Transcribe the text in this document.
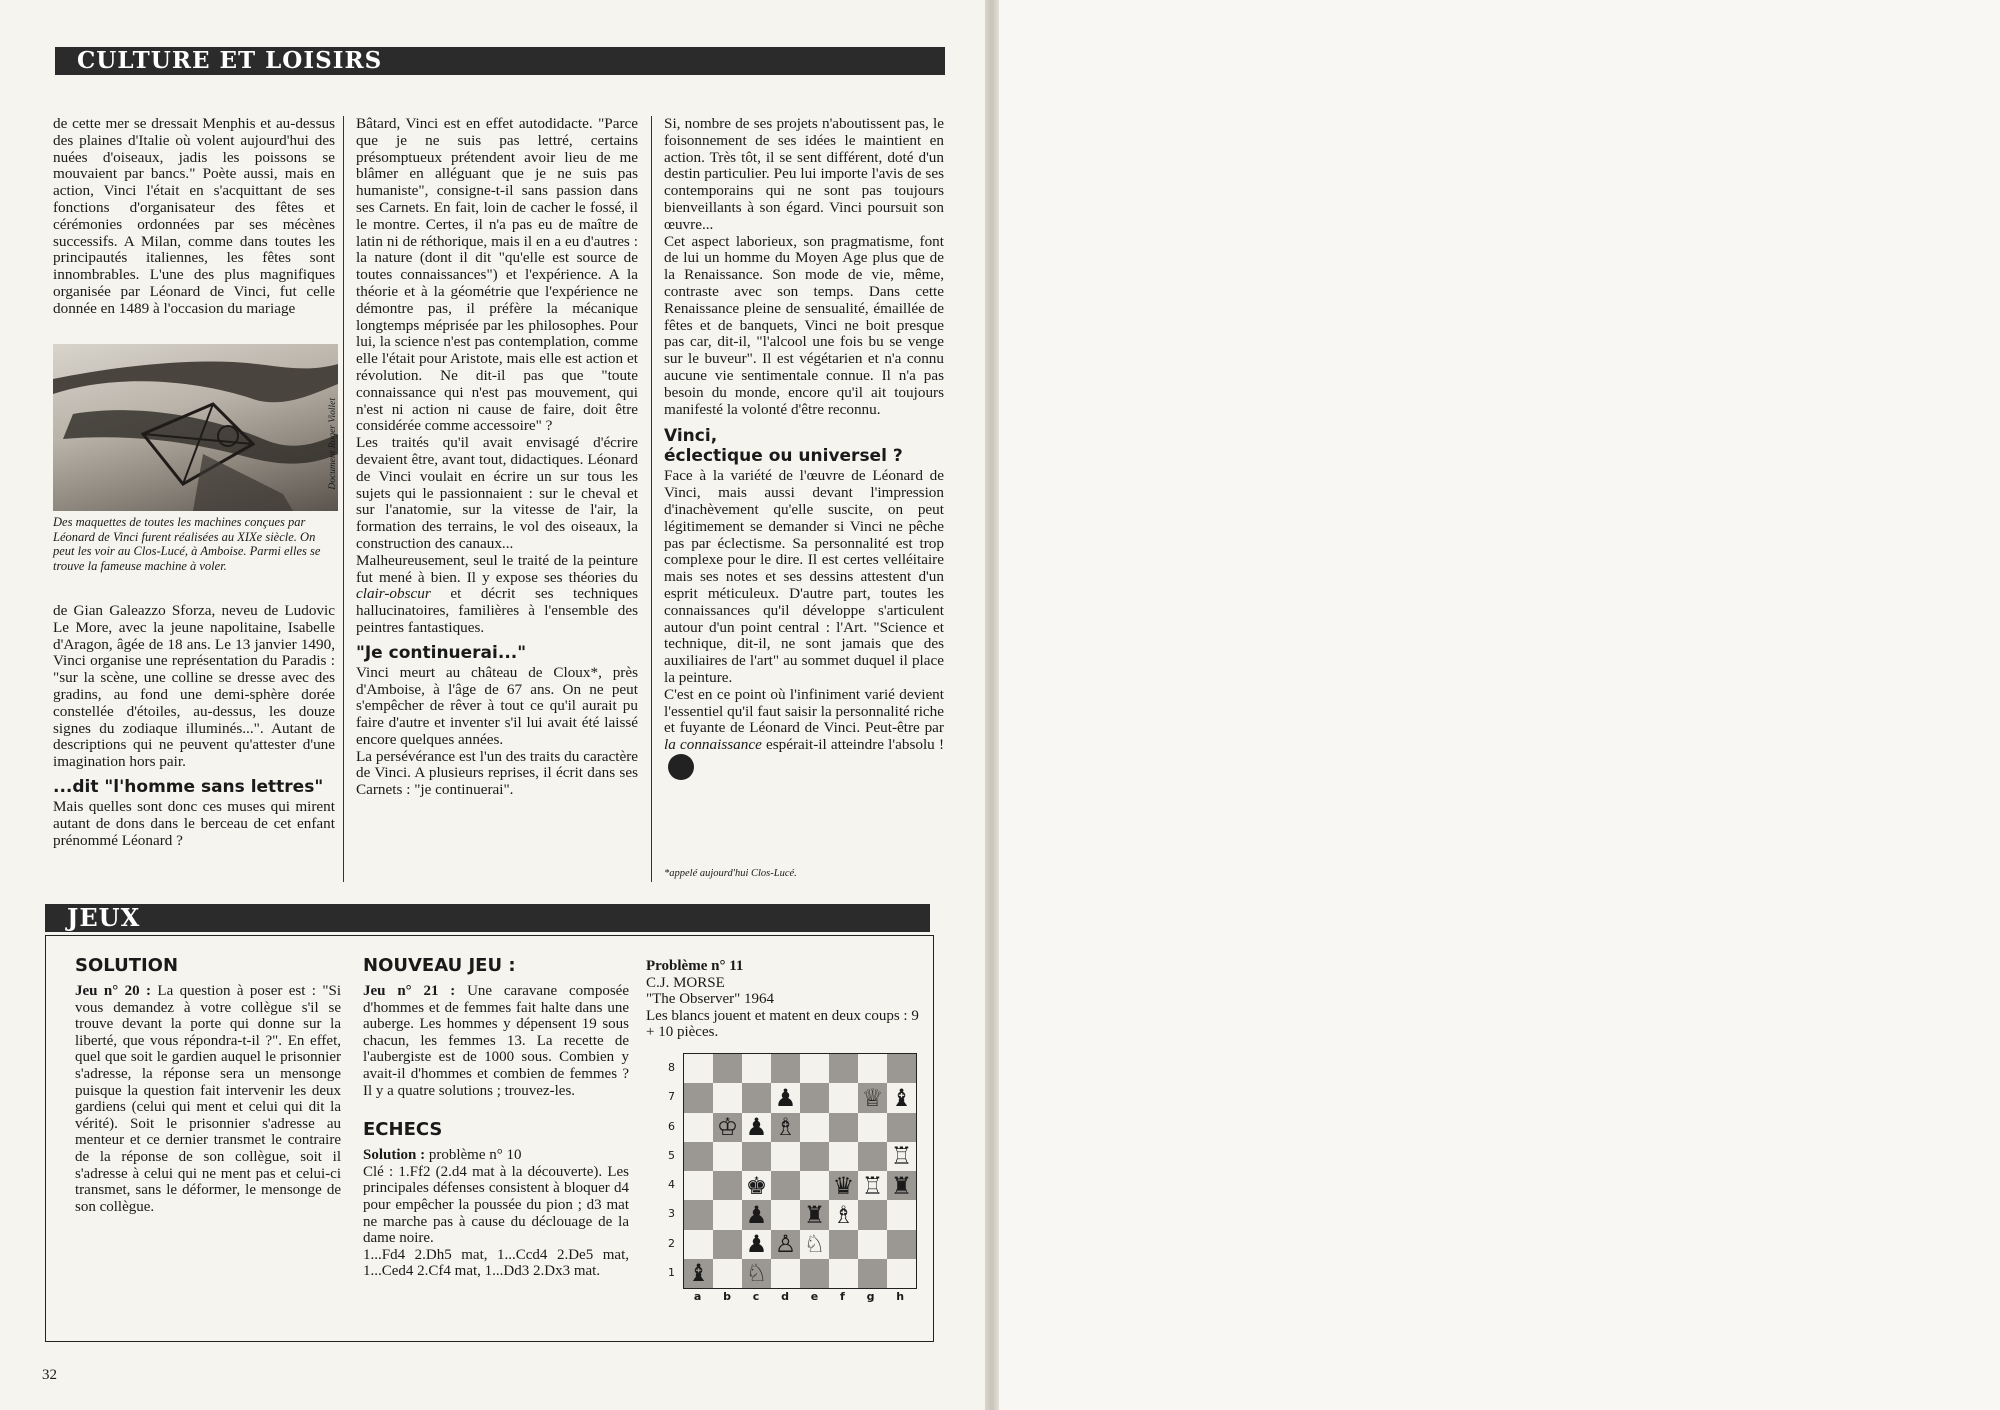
CULTURE ET LOISIRS

de cette mer se dressait Menphis et au-dessus des plaines d'Italie où volent aujourd'hui des nuées d'oiseaux, jadis les poissons se mouvaient par bancs." Poète aussi, mais en action, Vinci l'était en s'acquittant de ses fonctions d'organisateur des fêtes et cérémonies ordonnées par ses mécènes successifs. A Milan, comme dans toutes les principautés italiennes, les fêtes sont innombrables. L'une des plus magnifiques organisée par Léonard de Vinci, fut celle donnée en 1489 à l'occasion du mariage

Document Roger Viollet
Des maquettes de toutes les machines conçues par Léonard de Vinci furent réalisées au XIXe siècle. On peut les voir au Clos-Lucé, à Amboise. Parmi elles se trouve la fameuse machine à voler.

de Gian Galeazzo Sforza, neveu de Ludovic Le More, avec la jeune napolitaine, Isabelle d'Aragon, âgée de 18 ans. Le 13 janvier 1490, Vinci organise une représentation du Paradis : "sur la scène, une colline se dresse avec des gradins, au fond une demi-sphère dorée constellée d'étoiles, au-dessus, les douze signes du zodiaque illuminés...". Autant de descriptions qui ne peuvent qu'attester d'une imagination hors pair.

...dit "l'homme sans lettres"

Mais quelles sont donc ces muses qui mirent autant de dons dans le berceau de cet enfant prénommé Léonard ?

Bâtard, Vinci est en effet autodidacte. "Parce que je ne suis pas lettré, certains présomptueux prétendent avoir lieu de me blâmer en alléguant que je ne suis pas humaniste", consigne-t-il sans passion dans ses Carnets. En fait, loin de cacher le fossé, il le montre. Certes, il n'a pas eu de maître de latin ni de réthorique, mais il en a eu d'autres : la nature (dont il dit "qu'elle est source de toutes connaissances") et l'expérience. A la théorie et à la géométrie que l'expérience ne démontre pas, il préfère la mécanique longtemps méprisée par les philosophes. Pour lui, la science n'est pas contemplation, comme elle l'était pour Aristote, mais elle est action et révolution. Ne dit-il pas que "toute connaissance qui n'est pas mouvement, qui n'est ni action ni cause de faire, doit être considérée comme accessoire" ?

Les traités qu'il avait envisagé d'écrire devaient être, avant tout, didactiques. Léonard de Vinci voulait en écrire un sur tous les sujets qui le passionnaient : sur le cheval et sur l'anatomie, sur la vitesse de l'air, la formation des terrains, le vol des oiseaux, la construction des canaux...

Malheureusement, seul le traité de la peinture fut mené à bien. Il y expose ses théories du clair-obscur et décrit ses techniques hallucinatoires, familières à l'ensemble des peintres fantastiques.

"Je continuerai..."

Vinci meurt au château de Cloux*, près d'Amboise, à l'âge de 67 ans. On ne peut s'empêcher de rêver à tout ce qu'il aurait pu faire d'autre et inventer s'il lui avait été laissé encore quelques années.

La persévérance est l'un des traits du caractère de Vinci. A plusieurs reprises, il écrit dans ses Carnets : "je continuerai".

Si, nombre de ses projets n'aboutissent pas, le foisonnement de ses idées le maintient en action. Très tôt, il se sent différent, doté d'un destin particulier. Peu lui importe l'avis de ses contemporains qui ne sont pas toujours bienveillants à son égard. Vinci poursuit son œuvre...

Cet aspect laborieux, son pragmatisme, font de lui un homme du Moyen Age plus que de la Renaissance. Son mode de vie, même, contraste avec son temps. Dans cette Renaissance pleine de sensualité, émaillée de fêtes et de banquets, Vinci ne boit presque pas car, dit-il, "l'alcool une fois bu se venge sur le buveur". Il est végétarien et n'a connu aucune vie sentimentale connue. Il n'a pas besoin du monde, encore qu'il ait toujours manifesté la volonté d'être reconnu.

Vinci,
éclectique ou universel ?

Face à la variété de l'œuvre de Léonard de Vinci, mais aussi devant l'impression d'inachèvement qu'elle suscite, on peut légitimement se demander si Vinci ne pêche pas par éclectisme. Sa personnalité est trop complexe pour le dire. Il est certes velléitaire mais ses notes et ses dessins attestent d'un esprit méticuleux. D'autre part, toutes les connaissances qu'il développe s'articulent autour d'un point central : l'Art. "Science et technique, dit-il, ne sont jamais que des auxiliaires de l'art" au sommet duquel il place la peinture.

C'est en ce point où l'infiniment varié devient l'essentiel qu'il faut saisir la personnalité riche et fuyante de Léonard de Vinci. Peut-être par la connaissance espérait-il atteindre l'absolu !

*appelé aujourd'hui Clos-Lucé.
JEUX
SOLUTION

Jeu n° 20 : La question à poser est : "Si vous demandez à votre collègue s'il se trouve devant la porte qui donne sur la liberté, que vous répondra-t-il ?". En effet, quel que soit le gardien auquel le prisonnier s'adresse, la réponse sera un mensonge puisque la question fait intervenir les deux gardiens (celui qui ment et celui qui dit la vérité). Soit le prisonnier s'adresse au menteur et ce dernier transmet le contraire de la réponse de son collègue, soit il s'adresse à celui qui ne ment pas et celui-ci transmet, sans le déformer, le mensonge de son collègue.

NOUVEAU JEU :

Jeu n° 21 : Une caravane composée d'hommes et de femmes fait halte dans une auberge. Les hommes y dépensent 19 sous chacun, les femmes 13. La recette de l'aubergiste est de 1000 sous. Combien y avait-il d'hommes et combien de femmes ? Il y a quatre solutions ; trouvez-les.

ECHECS

Solution : problème n° 10

Clé : 1.Ff2 (2.d4 mat à la découverte). Les principales défenses consistent à bloquer d4 pour empêcher la poussée du pion ; d3 mat ne marche pas à cause du déclouage de la dame noire.

1...Fd4 2.Dh5 mat, 1...Ccd4 2.De5 mat, 1...Ced4 2.Cf4 mat, 1...Dd3 2.Dx3 mat.

Problème n° 11
C.J. MORSE
"The Observer" 1964
Les blancs jouent et matent en deux coups : 9 + 10 pièces.
8
7
6
5
4
3
2
1
♟	♕ ♝
♔ ♟ ♗
♖
♚	♛ ♖ ♜
♟ ♜ ♗
♟ ♙ ♘
♝ ♘
a b c d e f g h
32
